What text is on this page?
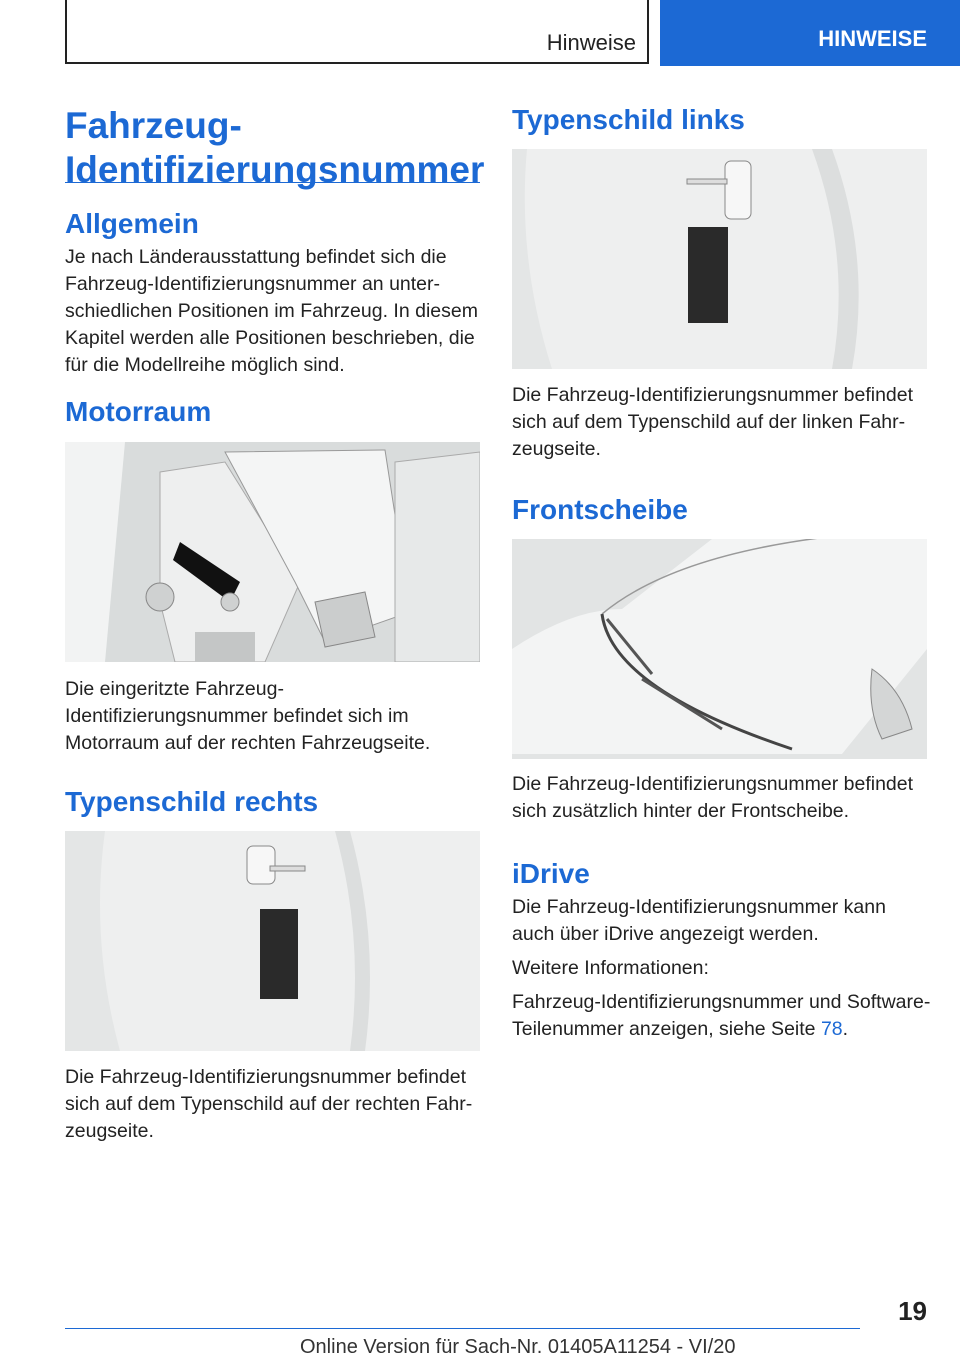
Hinweise	HINWEISE
Fahrzeug-Identifizierungsnummer
Allgemein
Je nach Länderausstattung befindet sich die Fahrzeug-Identifizierungsnummer an unter-schiedlichen Positionen im Fahrzeug. In diesem Kapitel werden alle Positionen beschrieben, die für die Modellreihe möglich sind.
Motorraum
Die eingeritzte Fahrzeug-Identifizierungsnummer befindet sich im Motorraum auf der rechten Fahrzeugseite.
Typenschild rechts
Die Fahrzeug-Identifizierungsnummer befindet sich auf dem Typenschild auf der rechten Fahr-zeugseite.
Typenschild links
Die Fahrzeug-Identifizierungsnummer befindet sich auf dem Typenschild auf der linken Fahr-zeugseite.
Frontscheibe
Die Fahrzeug-Identifizierungsnummer befindet sich zusätzlich hinter der Frontscheibe.
iDrive

Die Fahrzeug-Identifizierungsnummer kann auch über iDrive angezeigt werden.

Weitere Informationen:

Fahrzeug-Identifizierungsnummer und Software-Teilenummer anzeigen, siehe Seite 78.

19
Online Version für Sach-Nr. 01405A11254 - VI/20
